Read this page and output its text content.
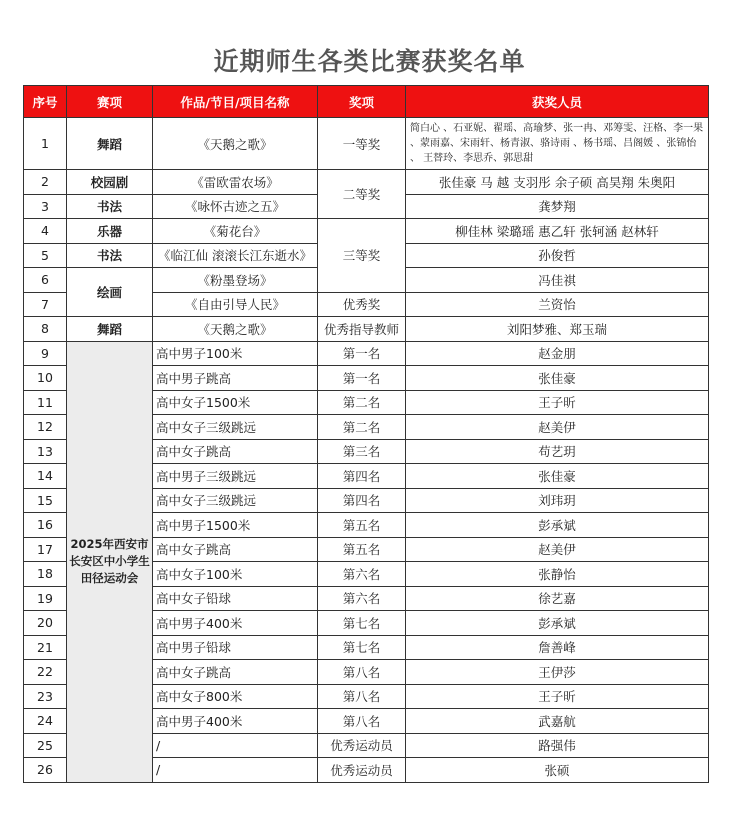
近期师生各类比赛获奖名单
序号	赛项	作品/节目/项目名称	奖项	获奖人员
1	舞蹈	《天鹅之歌》	一等奖	简白心 、石亚妮、翟瑶、高瑜梦、张一冉、邓筹雯、汪格、李一果 、蒙雨嘉、宋雨轩、杨青淑、骆诗雨 、杨书瑶、吕阁媛 、张锦怡 、 王替玲、李思乔、郭思甜
2	校园剧	《雷欧雷农场》	二等奖	张佳豪 马 越 支羽彤 余子硕 高昊翔 朱奥阳
3	书法	《咏怀古迹之五》		龚梦翔
4	乐器	《菊花台》	三等奖	柳佳林 梁璐瑶 惠乙轩 张轲涵 赵林轩
5	书法	《临江仙 滚滚长江东逝水》		孙俊哲
6	绘画	《粉墨登场》		冯佳祺
7		《自由引导人民》	优秀奖	兰资怡
8	舞蹈	《天鹅之歌》	优秀指导教师	刘阳梦雅、郑玉瑞
9	2025年西安市长安区中小学生田径运动会	高中男子100米	第一名	赵金朋
10		高中男子跳高	第一名	张佳豪
11		高中女子1500米	第二名	王子昕
12		高中女子三级跳远	第二名	赵美伊
13		高中女子跳高	第三名	苟艺玥
14		高中男子三级跳远	第四名	张佳豪
15		高中女子三级跳远	第四名	刘玮玥
16		高中男子1500米	第五名	彭承斌
17		高中女子跳高	第五名	赵美伊
18		高中女子100米	第六名	张静怡
19		高中女子铅球	第六名	徐艺嘉
20		高中男子400米	第七名	彭承斌
21		高中男子铅球	第七名	詹善峰
22		高中女子跳高	第八名	王伊莎
23		高中女子800米	第八名	王子昕
24		高中男子400米	第八名	武嘉航
25		/	优秀运动员	路强伟
26		/	优秀运动员	张硕
